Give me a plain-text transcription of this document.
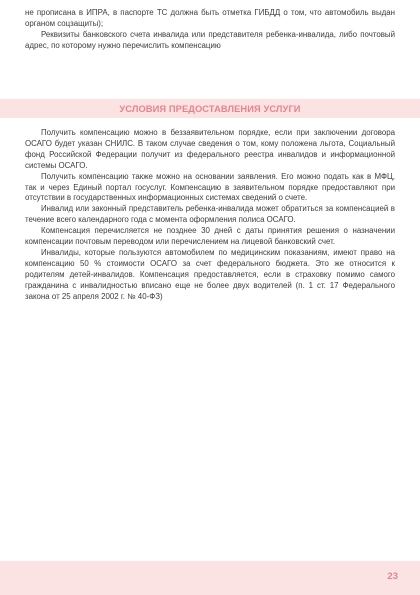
не прописана в ИПРА, в паспорте ТС должна быть отметка ГИБДД о том, что автомобиль выдан органом соцзащиты);

Реквизиты банковского счета инвалида или представителя ребенка-инвалида, либо почтовый адрес, по которому нужно перечислить компенсацию

УСЛОВИЯ ПРЕДОСТАВЛЕНИЯ УСЛУГИ

Получить компенсацию можно в беззаявительном порядке, если при заключении договора ОСАГО будет указан СНИЛС. В таком случае сведения о том, кому положена льгота, Социальный фонд Российской Федерации получит из федерального реестра инвалидов и информационной системы ОСАГО.

Получить компенсацию также можно на основании заявления. Его можно подать как в МФЦ, так и через Единый портал госуслуг. Компенсацию в заявительном порядке предоставляют при отсутствии в государственных информационных системах сведений о счете.

Инвалид или законный представитель ребенка-инвалида может обратиться за компенсацией в течение всего календарного года с момента оформления полиса ОСАГО.

Компенсация перечисляется не позднее 30 дней с даты принятия решения о назначении компенсации почтовым переводом или перечислением на лицевой банковский счет.

Инвалиды, которые пользуются автомобилем по медицинским показаниям, имеют право на компенсацию 50 % стоимости ОСАГО за счет федерального бюджета. Это же относится к родителям детей-инвалидов. Компенсация предоставляется, если в страховку помимо самого гражданина с инвалидностью вписано еще не более двух водителей (п. 1 ст. 17 Федерального закона от 25 апреля 2002 г. № 40-ФЗ)

23
